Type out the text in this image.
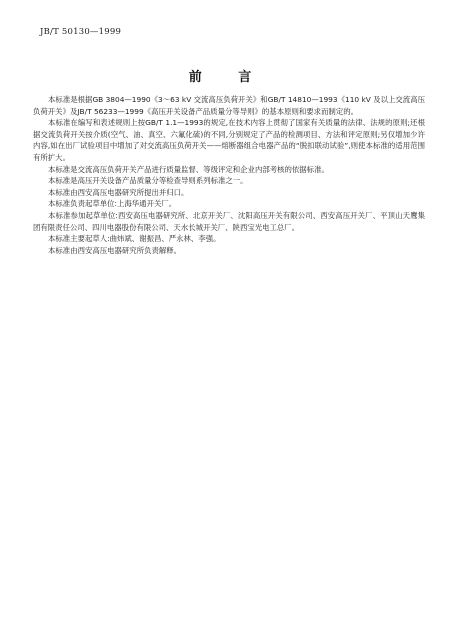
JB/T 50130—1999
前 言

本标准是根据GB 3804—1990《3～63 kV 交流高压负荷开关》和GB/T 14810—1993《110 kV 及以上交流高压负荷开关》及JB/T 56233—1999《高压开关设备产品质量分等导则》的基本原则和要求而制定的。

本标准在编写和表述规则上按GB/T 1.1—1993的规定,在技术内容上贯彻了国家有关质量的法律、法规的原则;还根据交流负荷开关按介质(空气、油、真空、六氟化硫)的不同,分别规定了产品的检测项目、方法和评定原则;另仅增加少许内容,如在出厂试验项目中增加了对交流高压负荷开关——熔断器组合电器产品的“脱扣联动试验”,则使本标准的适用范围有所扩大。

本标准是交流高压负荷开关产品进行质量监督、等级评定和企业内部考核的依据标准。

本标准是高压开关设备产品质量分等检查导则系列标准之一。

本标准由西安高压电器研究所提出并归口。

本标准负责起草单位:上海华通开关厂。

本标准参加起草单位:西安高压电器研究所、北京开关厂、沈阳高压开关有限公司、西安高压开关厂、平顶山天鹰集团有限责任公司、四川电器股份有限公司、天水长城开关厂、陕西宝光电工总厂。

本标准主要起草人:曲炜斌、谢振昌、严永林、李强。

本标准由西安高压电器研究所负责解释。
